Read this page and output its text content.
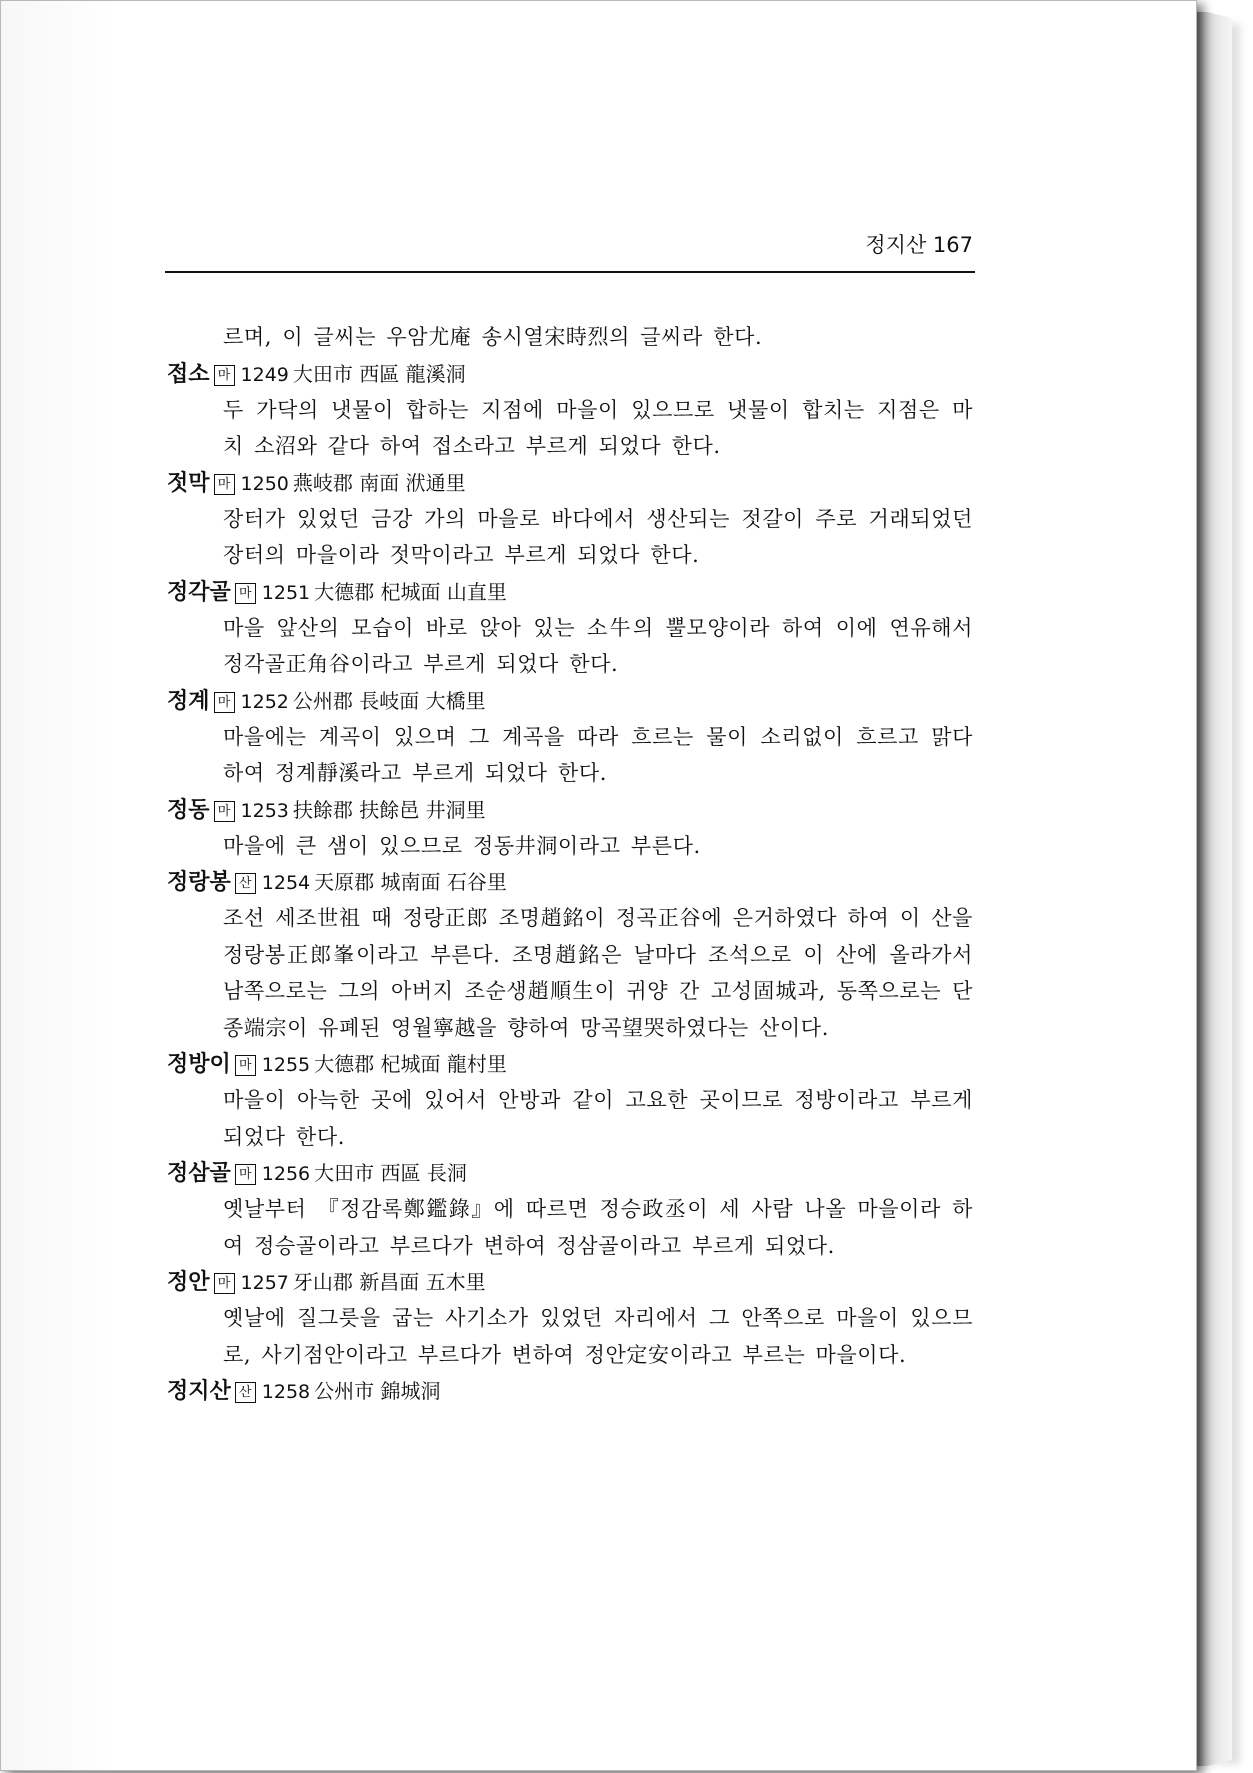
정지산 167

르며, 이 글씨는 우암尤庵 송시열宋時烈의 글씨라 한다.

접소 마 1249 大田市 西區 龍溪洞

두 가닥의 냇물이 합하는 지점에 마을이 있으므로 냇물이 합치는 지점은 마치 소沼와 같다 하여 접소라고 부르게 되었다 한다.

젓막 마 1250 燕岐郡 南面 洑通里

장터가 있었던 금강 가의 마을로 바다에서 생산되는 젓갈이 주로 거래되었던 장터의 마을이라 젓막이라고 부르게 되었다 한다.

정각골 마 1251 大德郡 杞城面 山直里

마을 앞산의 모습이 바로 앉아 있는 소牛의 뿔모양이라 하여 이에 연유해서 정각골正角谷이라고 부르게 되었다 한다.

정계 마 1252 公州郡 長岐面 大橋里

마을에는 계곡이 있으며 그 계곡을 따라 흐르는 물이 소리없이 흐르고 맑다 하여 정계靜溪라고 부르게 되었다 한다.

정동 마 1253 扶餘郡 扶餘邑 井洞里

마을에 큰 샘이 있으므로 정동井洞이라고 부른다.

정랑봉 산 1254 天原郡 城南面 石谷里

조선 세조世祖 때 정랑正郎 조명趙銘이 정곡正谷에 은거하였다 하여 이 산을 정랑봉正郎峯이라고 부른다. 조명趙銘은 날마다 조석으로 이 산에 올라가서 남쪽으로는 그의 아버지 조순생趙順生이 귀양 간 고성固城과, 동쪽으로는 단종端宗이 유폐된 영월寧越을 향하여 망곡望哭하였다는 산이다.

정방이 마 1255 大德郡 杞城面 龍村里

마을이 아늑한 곳에 있어서 안방과 같이 고요한 곳이므로 정방이라고 부르게 되었다 한다.

정삼골 마 1256 大田市 西區 長洞

옛날부터 『정감록鄭鑑錄』에 따르면 정승政丞이 세 사람 나올 마을이라 하여 정승골이라고 부르다가 변하여 정삼골이라고 부르게 되었다.

정안 마 1257 牙山郡 新昌面 五木里

옛날에 질그릇을 굽는 사기소가 있었던 자리에서 그 안쪽으로 마을이 있으므로, 사기점안이라고 부르다가 변하여 정안定安이라고 부르는 마을이다.

정지산 산 1258 公州市 錦城洞
